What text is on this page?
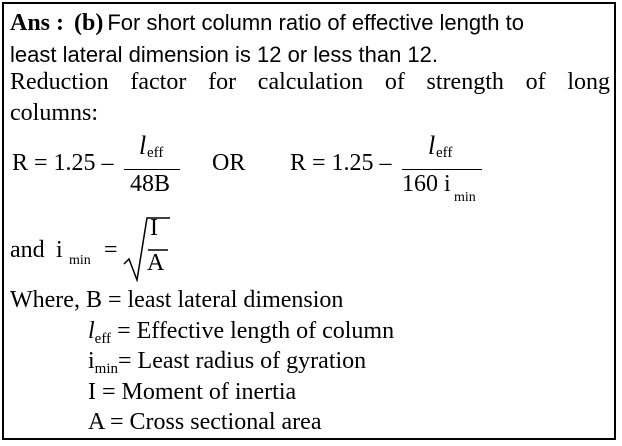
Ans : (b) For short column ratio of effective length to
least lateral dimension is 12 or less than 12.
Reduction factor for calculation of strength of long
columns:
R = 1.25 –
l eff
48B
OR R = 1.25 –
l eff
160 i
min
and i min =
I
A
Where, B = least lateral dimension
$l_{eff}$ = Effective length of column
$i_{min}=$ Least radius of gyration
I = Moment of inertia
A = Cross sectional area
